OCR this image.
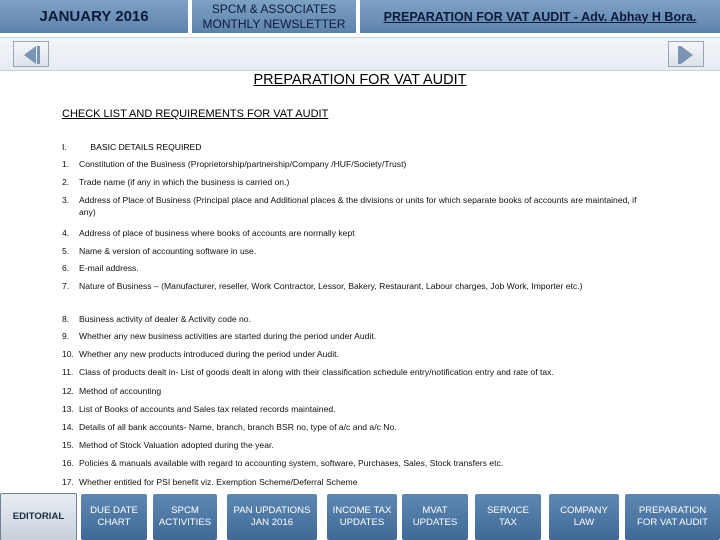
JANUARY 2016	SPCM & ASSOCIATES
MONTHLY NEWSLETTER	PREPARATION FOR VAT AUDIT - Adv. Abhay H Bora.
PREPARATION FOR VAT AUDIT
CHECK LIST AND REQUIREMENTS FOR VAT AUDIT
I.	BASIC DETAILS REQUIRED
1.	Constitution of the Business (Proprietorship/partnership/Company /HUF/Society/Trust)
2.	Trade name (if any in which the business is carried on.)
3.	Address of Place of Business (Principal place and Additional places & the divisions or units for which separate books of accounts are maintained, if any)
4.	Address of place of business where books of accounts are normally kept
5.	Name & version of accounting software in use.
6.	E-mail address.
7.	Nature of Business – (Manufacturer, reseller, Work Contractor, Lessor, Bakery, Restaurant, Labour charges, Job Work, Importer etc.)
8.	Business activity of dealer & Activity code no.
9.	Whether any new business activities are started during the period under Audit.
10. Whether any new products introduced during the period under Audit.
11. Class of products dealt in- List of goods dealt in along with their classification schedule entry/notification entry and rate of tax.
12. Method of accounting
13. List of Books of accounts and Sales tax related records maintained.
14. Details of all bank accounts- Name, branch, branch BSR no, type of a/c and a/c No.
15. Method of Stock Valuation adopted during the year.
16. Policies & manuals available with regard to accounting system, software, Purchases, Sales, Stock transfers etc.
17. Whether entitled for PSI benefit viz. Exemption Scheme/Deferral Scheme
EDITORIAL
DUE DATE
CHART
SPCM
ACTIVITIES
PAN UPDATIONS
JAN 2016
INCOME TAX
UPDATES
MVAT
UPDATES
SERVICE
TAX
COMPANY
LAW
PREPARATION
FOR VAT AUDIT
